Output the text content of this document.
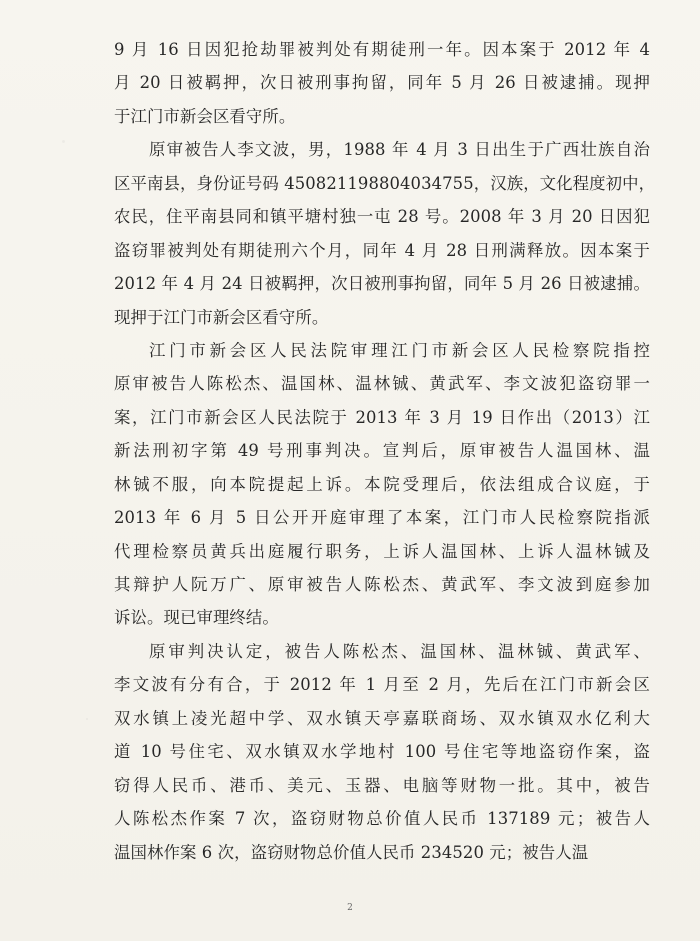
9 月 16 日因犯抢劫罪被判处有期徒刑一年。因本案于 2012 年 4
月 20 日被羁押，次日被刑事拘留，同年 5 月 26 日被逮捕。现押
于江门市新会区看守所。
原审被告人李文波，男，1988 年 4 月 3 日出生于广西壮族自治
区平南县，身份证号码 450821198804034755，汉族，文化程度初中，
农民，住平南县同和镇平塘村独一屯 28 号。2008 年 3 月 20 日因犯
盗窃罪被判处有期徒刑六个月，同年 4 月 28 日刑满释放。因本案于
2012 年 4 月 24 日被羁押，次日被刑事拘留，同年 5 月 26 日被逮捕。
现押于江门市新会区看守所。
江门市新会区人民法院审理江门市新会区人民检察院指控
原审被告人陈松杰、温国林、温林铖、黄武军、李文波犯盗窃罪一
案，江门市新会区人民法院于 2013 年 3 月 19 日作出（2013）江
新法刑初字第 49 号刑事判决。宣判后，原审被告人温国林、温
林铖不服，向本院提起上诉。本院受理后，依法组成合议庭，于
2013 年 6 月 5 日公开开庭审理了本案，江门市人民检察院指派
代理检察员黄兵出庭履行职务，上诉人温国林、上诉人温林铖及
其辩护人阮万广、原审被告人陈松杰、黄武军、李文波到庭参加
诉讼。现已审理终结。
原审判决认定，被告人陈松杰、温国林、温林铖、黄武军、
李文波有分有合，于 2012 年 1 月至 2 月，先后在江门市新会区
双水镇上凌光超中学、双水镇天亭嘉联商场、双水镇双水亿利大
道 10 号住宅、双水镇双水学地村 100 号住宅等地盗窃作案，盗
窃得人民币、港币、美元、玉器、电脑等财物一批。其中，被告
人陈松杰作案 7 次，盗窃财物总价值人民币 137189 元；被告人
温国林作案 6 次，盗窃财物总价值人民币 234520 元；被告人温
2
